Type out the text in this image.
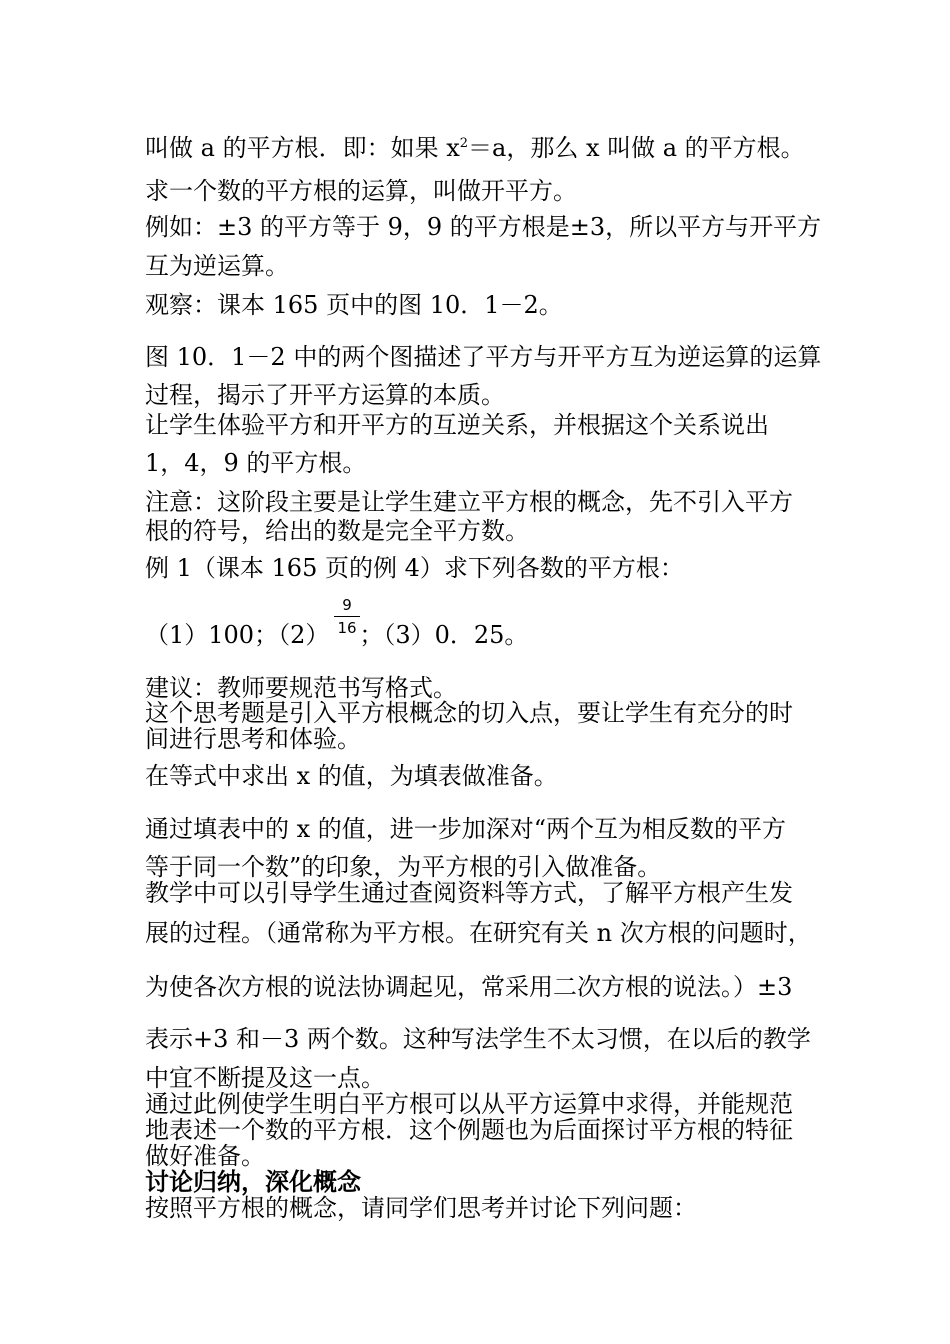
叫做 a 的平方根．即：如果 $x^2=a$，那么 x 叫做 a 的平方根。
求一个数的平方根的运算，叫做开平方。
例如：±3 的平方等于 9，9 的平方根是±3，所以平方与开平方
互为逆运算。
观察：课本 165 页中的图 10．1－2。
图 10．1－2 中的两个图描述了平方与开平方互为逆运算的运算
过程，揭示了开平方运算的本质。
让学生体验平方和开平方的互逆关系，并根据这个关系说出
1，4，9 的平方根。
注意：这阶段主要是让学生建立平方根的概念，先不引入平方
根的符号，给出的数是完全平方数。
例 1（课本 165 页的例 4）求下列各数的平方根：
（1）100；（2） ；（3）0．25。
9
16
建议：教师要规范书写格式。
这个思考题是引入平方根概念的切入点，要让学生有充分的时
间进行思考和体验。
在等式中求出 x 的值，为填表做准备。
通过填表中的 x 的值，进一步加深对“两个互为相反数的平方
等于同一个数”的印象，为平方根的引入做准备。
教学中可以引导学生通过查阅资料等方式，了解平方根产生发
展的过程。（通常称为平方根。在研究有关 n 次方根的问题时，
为使各次方根的说法协调起见，常采用二次方根的说法。）±3
表示+3 和－3 两个数。这种写法学生不太习惯，在以后的教学
中宜不断提及这一点。
通过此例使学生明白平方根可以从平方运算中求得，并能规范
地表述一个数的平方根．这个例题也为后面探讨平方根的特征
做好准备。
讨论归纳，深化概念
按照平方根的概念，请同学们思考并讨论下列问题：
